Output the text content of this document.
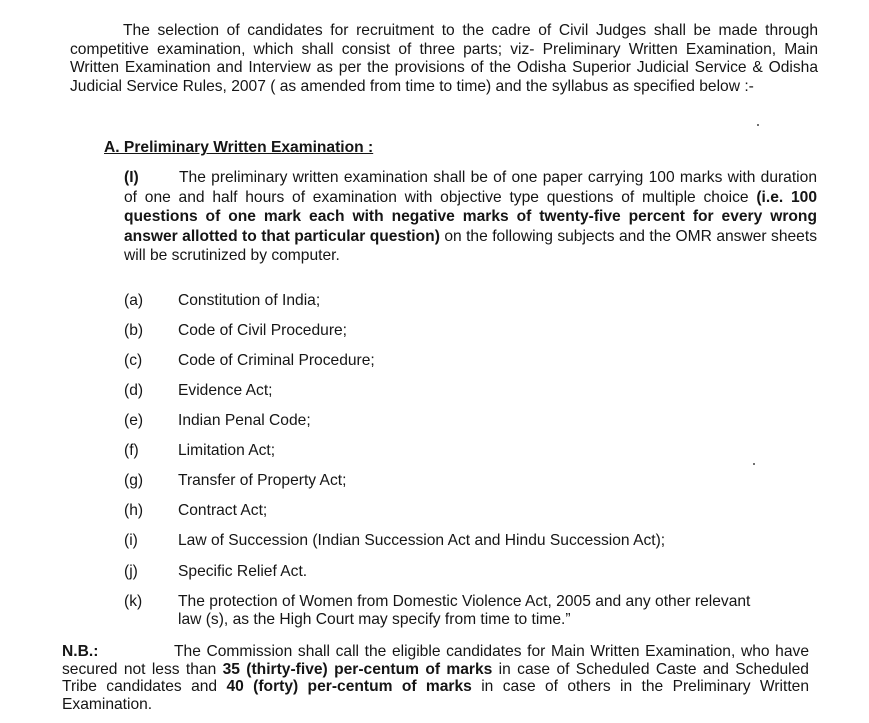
The selection of candidates for recruitment to the cadre of Civil Judges shall be made through competitive examination, which shall consist of three parts; viz- Preliminary Written Examination, Main Written Examination and Interview as per the provisions of the Odisha Superior Judicial Service & Odisha Judicial Service Rules, 2007 ( as amended from time to time) and the syllabus as specified below :-

A. Preliminary Written Examination :

(I)	The preliminary written examination shall be of one paper carrying 100 marks with duration of one and half hours of examination with objective type questions of multiple choice (i.e. 100 questions of one mark each with negative marks of twenty-five percent for every wrong answer allotted to that particular question) on the following subjects and the OMR answer sheets will be scrutinized by computer.

(a) Constitution of India;
(b) Code of Civil Procedure;
(c) Code of Criminal Procedure;
(d) Evidence Act;
(e) Indian Penal Code;
(f)	Limitation Act;
(g) Transfer of Property Act;
(h) Contract Act;
(i)	Law of Succession (Indian Succession Act and Hindu Succession Act);
(j)	Specific Relief Act.
(k) The protection of Women from Domestic Violence Act, 2005 and any other relevant law (s), as the High Court may specify from time to time.”

N.B.:	The Commission shall call the eligible candidates for Main Written Examination, who have secured not less than 35 (thirty-five) per-centum of marks in case of Scheduled Caste and Scheduled Tribe candidates and 40 (forty) per-centum of marks in case of others in the Preliminary Written Examination.
